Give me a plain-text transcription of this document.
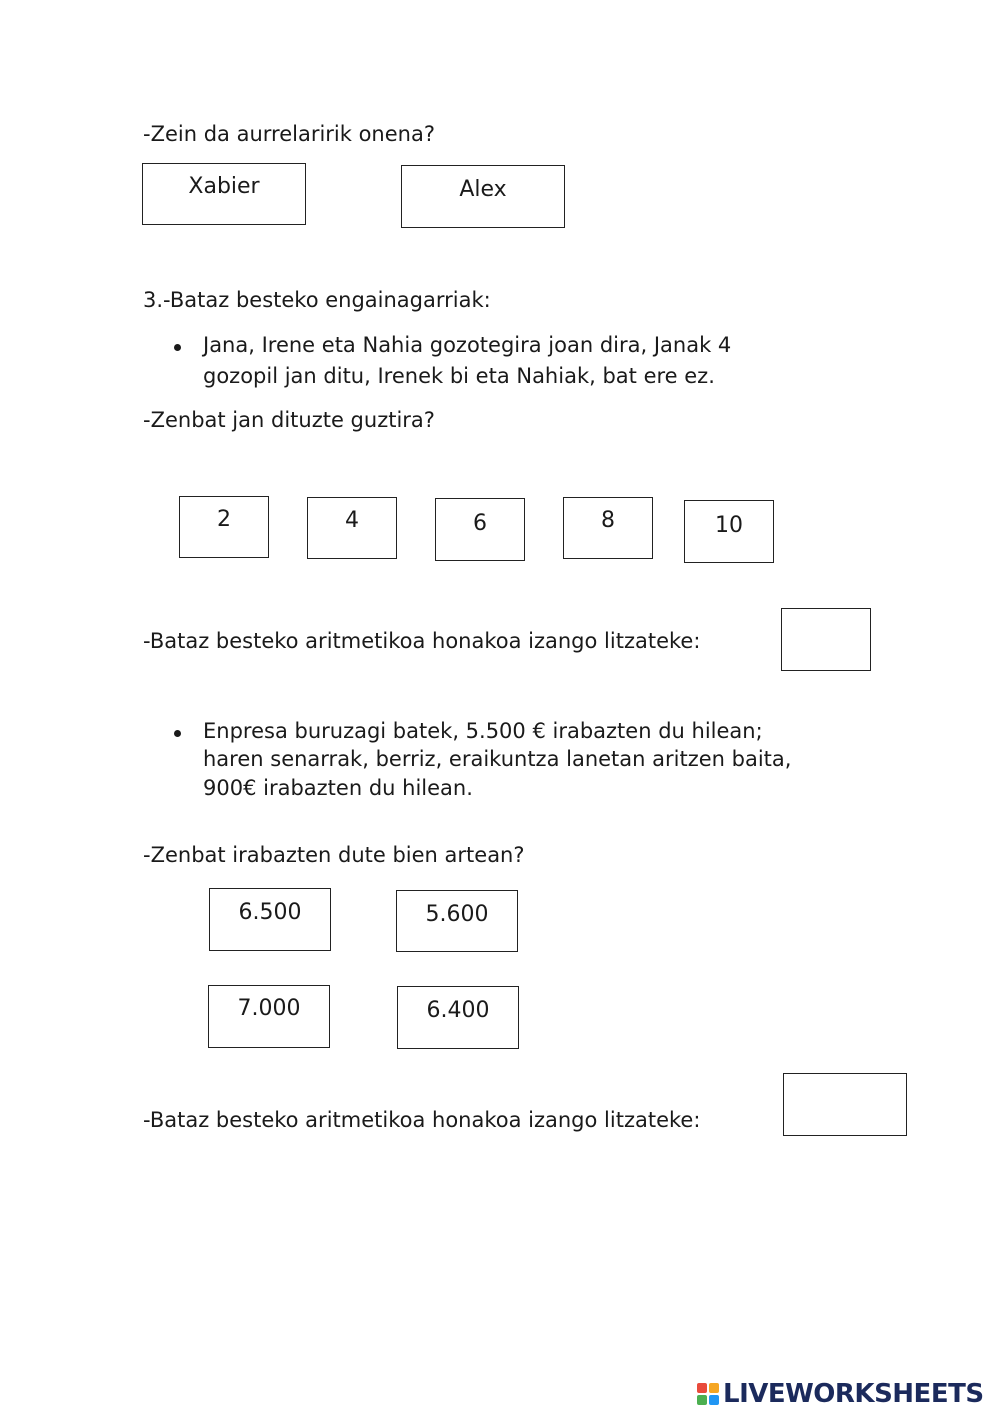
-Zein da aurrelaririk onena?

Xabier	Alex

3.-Bataz besteko engainagarriak:

Jana, Irene eta Nahia gozotegira joan dira, Janak 4

gozopil jan ditu, Irenek bi eta Nahiak, bat ere ez.

-Zenbat jan dituzte guztira?

2	4	6	8	10

-Bataz besteko aritmetikoa honakoa izango litzateke:

Enpresa buruzagi batek, 5.500 € irabazten du hilean;

haren senarrak, berriz, eraikuntza lanetan aritzen baita,

900€ irabazten du hilean.

-Zenbat irabazten dute bien artean?

6.500	5.600
7.000	6.400

-Bataz besteko aritmetikoa honakoa izango litzateke:

LIVEWORKSHEETS
